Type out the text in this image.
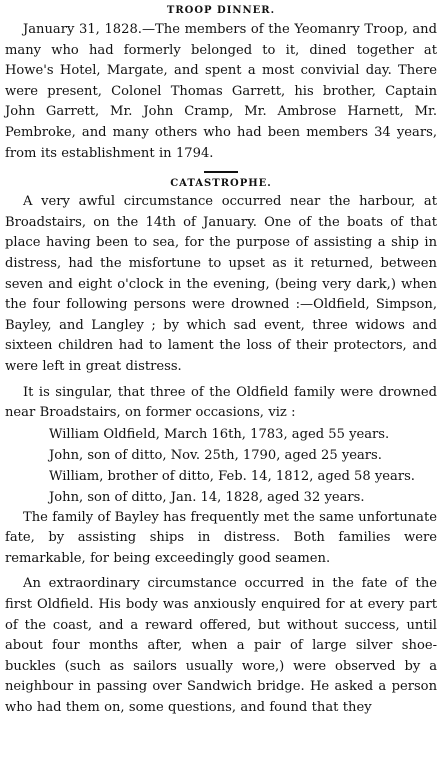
TROOP DINNER.

January 31, 1828.—The members of the Yeomanry Troop, and many who had formerly belonged to it, dined together at Howe's Hotel, Margate, and spent a most convivial day. There were present, Colonel Thomas Garrett, his brother, Captain John Garrett, Mr. John Cramp, Mr. Ambrose Harnett, Mr. Pembroke, and many others who had been members 34 years, from its establishment in 1794.

CATASTROPHE.

A very awful circumstance occurred near the harbour, at Broadstairs, on the 14th of January. One of the boats of that place having been to sea, for the purpose of assisting a ship in distress, had the misfortune to upset as it returned, between seven and eight o'clock in the evening, (being very dark,) when the four following persons were drowned :—Oldfield, Simpson, Bayley, and Langley ; by which sad event, three widows and sixteen children had to lament the loss of their protectors, and were left in great distress.

It is singular, that three of the Oldfield family were drowned near Broadstairs, on former occasions, viz :

William Oldfield, March 16th, 1783, aged 55 years.
John, son of ditto, Nov. 25th, 1790, aged 25 years.
William, brother of ditto, Feb. 14, 1812, aged 58 years.
John, son of ditto, Jan. 14, 1828, aged 32 years.

The family of Bayley has frequently met the same unfortunate fate, by assisting ships in distress. Both families were remarkable, for being exceedingly good seamen.

An extraordinary circumstance occurred in the fate of the first Oldfield. His body was anxiously enquired for at every part of the coast, and a reward offered, but without success, until about four months after, when a pair of large silver shoe-buckles (such as sailors usually wore,) were observed by a neighbour in passing over Sandwich bridge. He asked a person who had them on, some questions, and found that they
